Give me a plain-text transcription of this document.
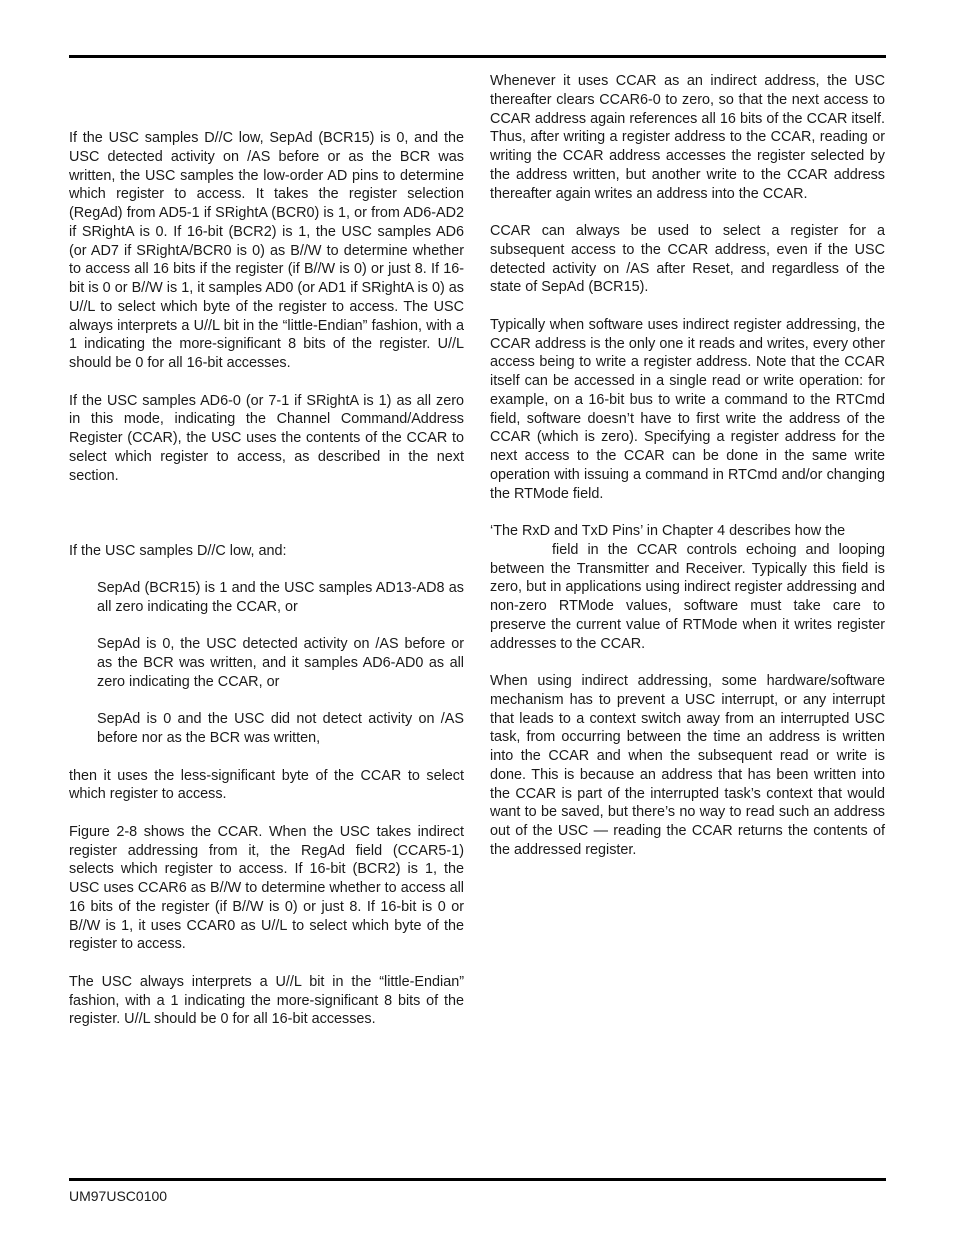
If the USC samples D//C low, SepAd (BCR15) is 0, and the USC detected activity on /AS before or as the BCR was written, the USC samples the low-order AD pins to determine which register to access. It takes the register selection (RegAd) from AD5-1 if SRightA (BCR0) is 1, or from AD6-AD2 if SRightA is 0. If 16-bit (BCR2) is 1, the USC samples AD6 (or AD7 if SRightA/BCR0 is 0) as B//W to determine whether to access all 16 bits if the register (if B//W is 0) or just 8. If 16-bit is 0 or B//W is 1, it samples AD0 (or AD1 if SRightA is 0) as U//L to select which byte of the register to access. The USC always interprets a U//L bit in the “little-Endian” fashion, with a 1 indicating the more-significant 8 bits of the register. U//L should be 0 for all 16-bit accesses.

If the USC samples AD6-0 (or 7-1 if SRightA is 1) as all zero in this mode, indicating the Channel Command/Address Register (CCAR), the USC uses the contents of the CCAR to select which register to access, as described in the next section.

If the USC samples D//C low, and:

SepAd (BCR15) is 1 and the USC samples AD13-AD8 as all zero indicating the CCAR, or

SepAd is 0, the USC detected activity on /AS before or as the BCR was written, and it samples AD6-AD0 as all zero indicating the CCAR, or

SepAd is 0 and the USC did not detect activity on /AS before nor as the BCR was written,

then it uses the less-significant byte of the CCAR to select which register to access.

Figure 2-8 shows the CCAR. When the USC takes indirect register addressing from it, the RegAd field (CCAR5-1) selects which register to access. If 16-bit (BCR2) is 1, the USC uses CCAR6 as B//W to determine whether to access all 16 bits of the register (if B//W is 0) or just 8. If 16-bit is 0 or B//W is 1, it uses CCAR0 as U//L to select which byte of the register to access.

The USC always interprets a U//L bit in the “little-Endian” fashion, with a 1 indicating the more-significant 8 bits of the register. U//L should be 0 for all 16-bit accesses.

Whenever it uses CCAR as an indirect address, the USC thereafter clears CCAR6-0 to zero, so that the next access to CCAR address again references all 16 bits of the CCAR itself. Thus, after writing a register address to the CCAR, reading or writing the CCAR address accesses the register selected by the address written, but another write to the CCAR address thereafter again writes an address into the CCAR.

CCAR can always be used to select a register for a subsequent access to the CCAR address, even if the USC detected activity on /AS after Reset, and regardless of the state of SepAd (BCR15).

Typically when software uses indirect register addressing, the CCAR address is the only one it reads and writes, every other access being to write a register address. Note that the CCAR itself can be accessed in a single read or write operation: for example, on a 16-bit bus to write a command to the RTCmd field, software doesn’t have to first write the address of the CCAR (which is zero). Specifying a register address for the next access to the CCAR can be done in the same write operation with issuing a command in RTCmd and/or changing the RTMode field.

‘The RxD and TxD Pins’ in Chapter 4 describes how the
field in the CCAR controls echoing and looping between the Transmitter and Receiver. Typically this field is zero, but in applications using indirect register addressing and non-zero RTMode values, software must take care to preserve the current value of RTMode when it writes register addresses to the CCAR.

When using indirect addressing, some hardware/software mechanism has to prevent a USC interrupt, or any interrupt that leads to a context switch away from an interrupted USC task, from occurring between the time an address is written into the CCAR and when the subsequent read or write is done. This is because an address that has been written into the CCAR is part of the interrupted task’s context that would want to be saved, but there’s no way to read such an address out of the USC — reading the CCAR returns the contents of the addressed register.

UM97USC0100
